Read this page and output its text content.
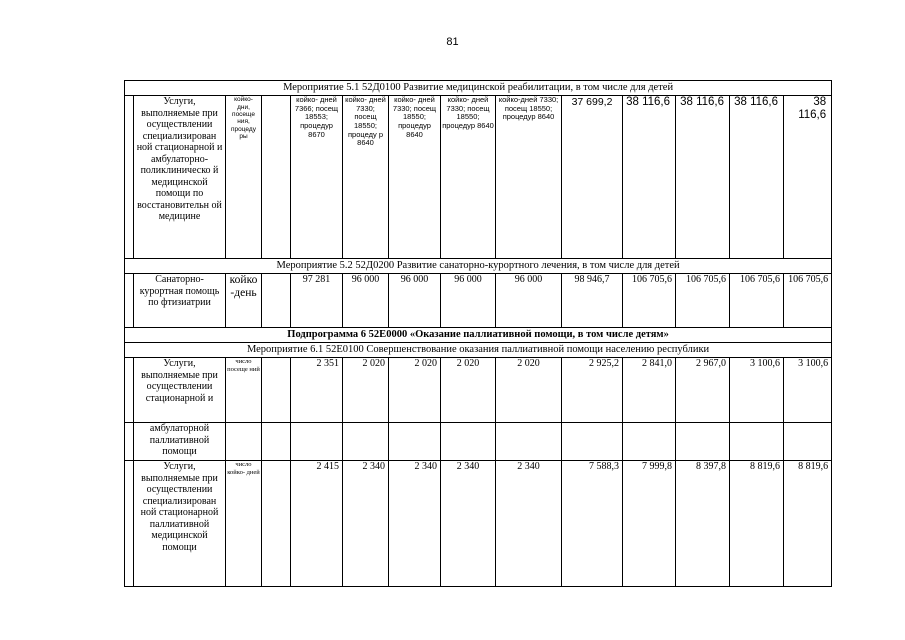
81
Мероприятие 5.1 52Д0100 Развитие медицинской реабилитации, в том числе для детей													
	Услуги, выполняемые при осуществлении специализирован ной стационарной и амбулаторно- поликлиническо й медицинской помощи по восстановительн ой медицине	койко- дни, посеще ния, процеду ры		койко- дней 7366; посещ 18553; процедур 8670	койко- дней 7330; посещ 18550; процеду р 8640	койко- дней 7330; посещ 18550; процедур 8640	койко- дней 7330; посещ 18550; процедур 8640	койко-дней 7330; посещ 18550; процедур 8640	37 699,2	38 116,6	38 116,6	38 116,6	38 116,6
Мероприятие 5.2 52Д0200 Развитие санаторно-курортного лечения, в том числе для детей													
	Санаторно- курортная помощь по фтизиатрии	койко -день		97 281	96 000	96 000	96 000	96 000	98 946,7	106 705,6	106 705,6	106 705,6	106 705,6
Подпрограмма 6 52Е0000 «Оказание паллиативной помощи, в том числе детям»													
Мероприятие 6.1 52Е0100 Совершенствование оказания паллиативной помощи населению республики													
	Услуги, выполняемые при осуществлении стационарной и	число посеще ний		2 351	2 020	2 020	2 020	2 020	2 925,2	2 841,0	2 967,0	3 100,6	3 100,6
	амбулаторной паллиативной помощи												
	Услуги, выполняемые при осуществлении специализирован ной стационарной паллиативной медицинской помощи	число койко- дней		2 415	2 340	2 340	2 340	2 340	7 588,3	7 999,8	8 397,8	8 819,6	8 819,6
